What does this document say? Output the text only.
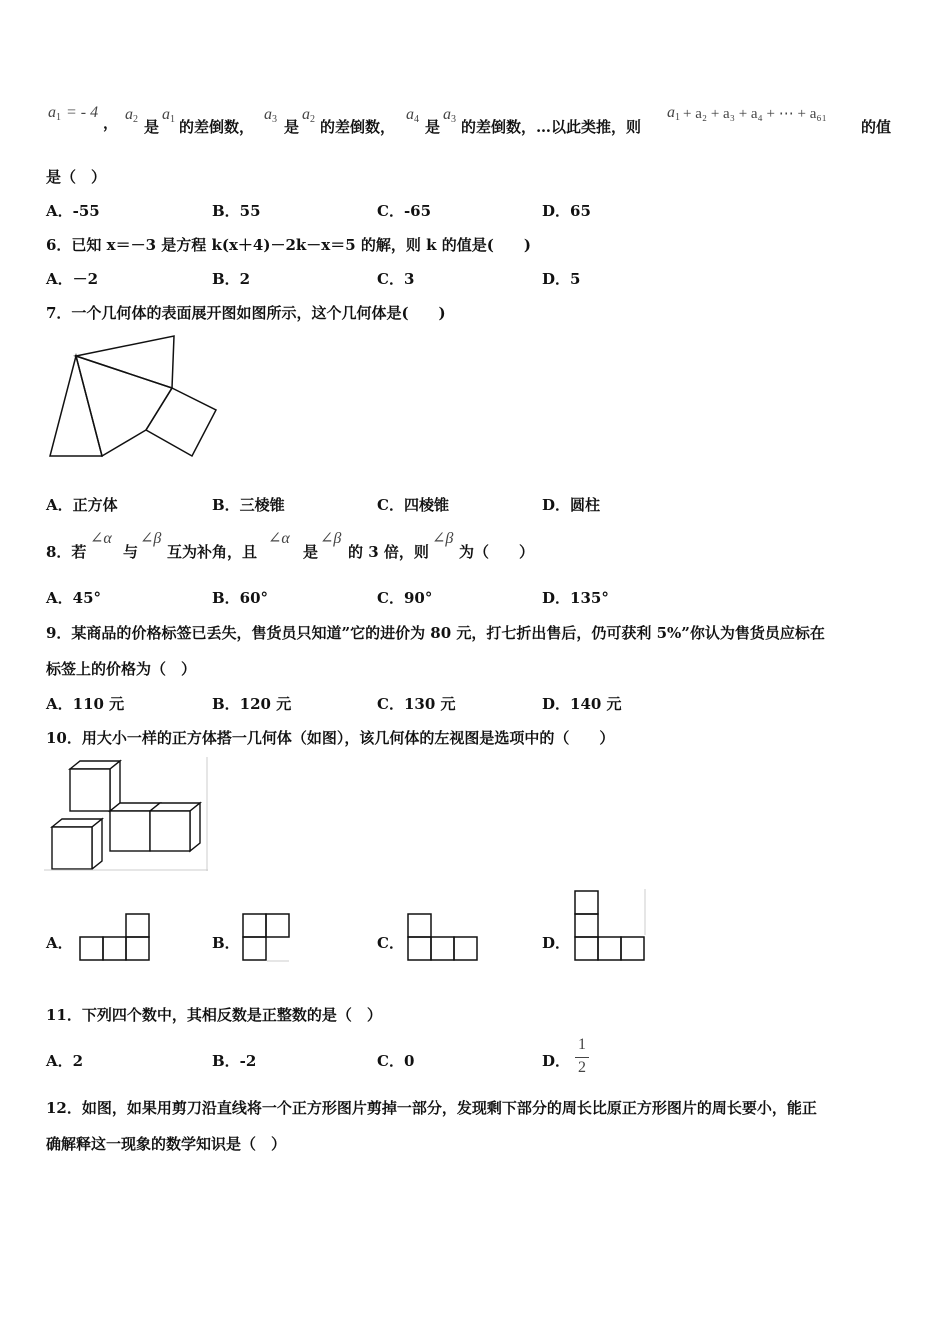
$a_1$ = - 4
， $a_2$ 是
$a_1$ 的差倒数，
$a_3$ 是
$a_2$ 的差倒数，
$a_4$ 是
$a_3$ 的差倒数，…以此类推，则
$a_1 + a_2 + a_3 + a_4$ + ⋯ + a₆₁
的值
是（　）
A．-55	B．55	C．-65	D．65
6．已知 x＝－3 是方程 k(x＋4)－2k－x＝5 的解，则 k 的值是(　　)
A．－2	B．2	C．3	D．5
7．一个几何体的表面展开图如图所示，这个几何体是(　　)
A．正方体	B．三棱锥	C．四棱锥	D．圆柱
8．若
∠α
与
∠β
互为补角，且
∠α
是
∠β
的 3 倍，则
∠β
为（　　）
A．45°	B．60°	C．90°	D．135°
9．某商品的价格标签已丢失，售货员只知道”它的进价为 80 元，打七折出售后，仍可获利 5%”你认为售货员应标在
标签上的价格为（　）
A．110 元	B．120 元	C．130 元	D．140 元
10．用大小一样的正方体搭一几何体（如图），该几何体的左视图是选项中的（　　）
A．	B．	C．	D．
11．下列四个数中，其相反数是正整数的是（　）
A．2	B．-2	C．0	D．
1
2
12．如图，如果用剪刀沿直线将一个正方形图片剪掉一部分，发现剩下部分的周长比原正方形图片的周长要小，能正
确解释这一现象的数学知识是（　）
